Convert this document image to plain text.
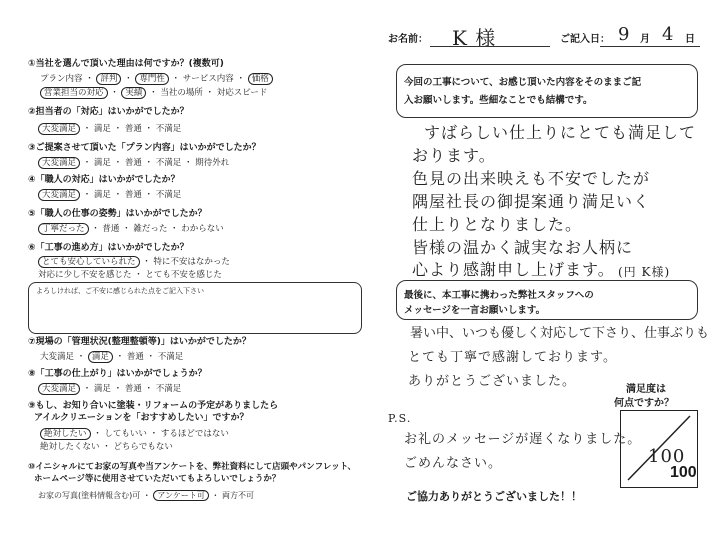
お名前： K 様	ご記入日： 9 月 4 日
①当社を選んで頂いた理由は何ですか？(複数可)
プラン内容 ・ 評判 ・ 専門性 ・ サービス内容 ・ 価格
営業担当の対応 ・ 実績 ・ 当社の場所 ・ 対応スピード
②担当者の「対応」はいかがでしたか？
大変満足 ・ 満足 ・ 普通 ・ 不満足
③ご提案させて頂いた「プラン内容」はいかがでしたか？
大変満足 ・ 満足 ・ 普通 ・ 不満足 ・ 期待外れ
④「職人の対応」はいかがでしたか？
大変満足 ・ 満足 ・ 普通 ・ 不満足
⑤「職人の仕事の姿勢」はいかがでしたか？
丁寧だった ・ 普通 ・ 雑だった ・ わからない
⑥「工事の進め方」はいかがでしたか？
とても安心していられた ・ 特に不安はなかった
対応に少し不安を感じた ・ とても不安を感じた
よろしければ、ご不安に感じられた点をご記入下さい
⑦現場の「管理状況(整理整頓等)」はいかがでしたか？
大変満足 ・ 満足 ・ 普通 ・ 不満足
⑧「工事の仕上がり」はいかがでしょうか？
大変満足 ・ 満足 ・ 普通 ・ 不満足
⑨もし、お知り合いに塗装・リフォームの予定がありましたら
アイルクリエーションを「おすすめしたい」ですか？
絶対したい ・ してもいい ・ するほどではない
絶対したくない ・ どちらでもない
⑩イニシャルにてお家の写真や当アンケートを、弊社資料にして店頭やパンフレット、
ホームページ等に使用させていただいてもよろしいでしょうか？
お家の写真(塗料情報含む)可 ・ アンケート可 ・ 両方不可
今回の工事について、お感じ頂いた内容をそのままご記
入お願いします。些細なことでも結構です。
すばらしい仕上りにとても満足して
おります。
色見の出来映えも不安でしたが
隅屋社長の御提案通り満足いく
仕上りとなりました。
皆様の温かく誠実なお人柄に
心より感謝申し上げます。 (円 K様)
最後に、本工事に携わった弊社スタッフへの
メッセージを一言お願いします。
暑い中、いつも優しく対応して下さり、仕事ぶりも
とても丁寧で感謝しております。
ありがとうございました。
満足度は
何点ですか？
100
100
P.S.
お礼のメッセージが遅くなりました。
ごめんなさい。
ご協力ありがとうございました！！
